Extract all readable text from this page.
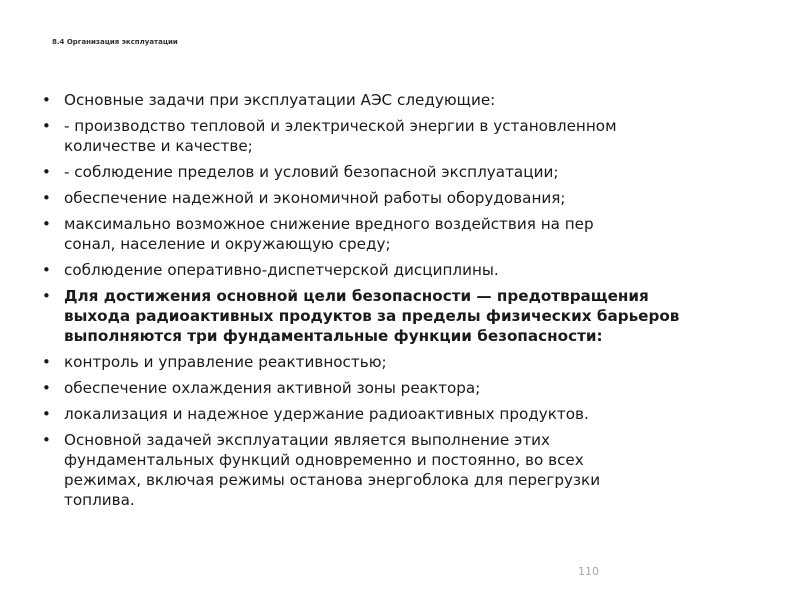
8.4 Организация эксплуатации
• Основные задачи при эксплуатации АЭС следующие:
• - производство тепловой и электрической энергии в установленном
количестве и качестве;
• - соблюдение пределов и условий безопасной эксплуатации;
• обеспечение надежной и экономичной работы оборудования;
• максимально возможное снижение вредного воздействия на пер
сонал, население и окружающую среду;
• соблюдение оперативно-диспетчерской дисциплины.
• Для достижения основной цели безопасности — предотвращения
выхода радиоактивных продуктов за пределы физических барьеров
выполняются три фундаментальные функции безопасности:
• контроль и управление реактивностью;
• обеспечение охлаждения активной зоны реактора;
• локализация и надежное удержание радиоактивных продуктов.
• Основной задачей эксплуатации является выполнение этих
фундаментальных функций одновременно и постоянно, во всех
режимах, включая режимы останова энергоблока для перегрузки
топлива.
110
